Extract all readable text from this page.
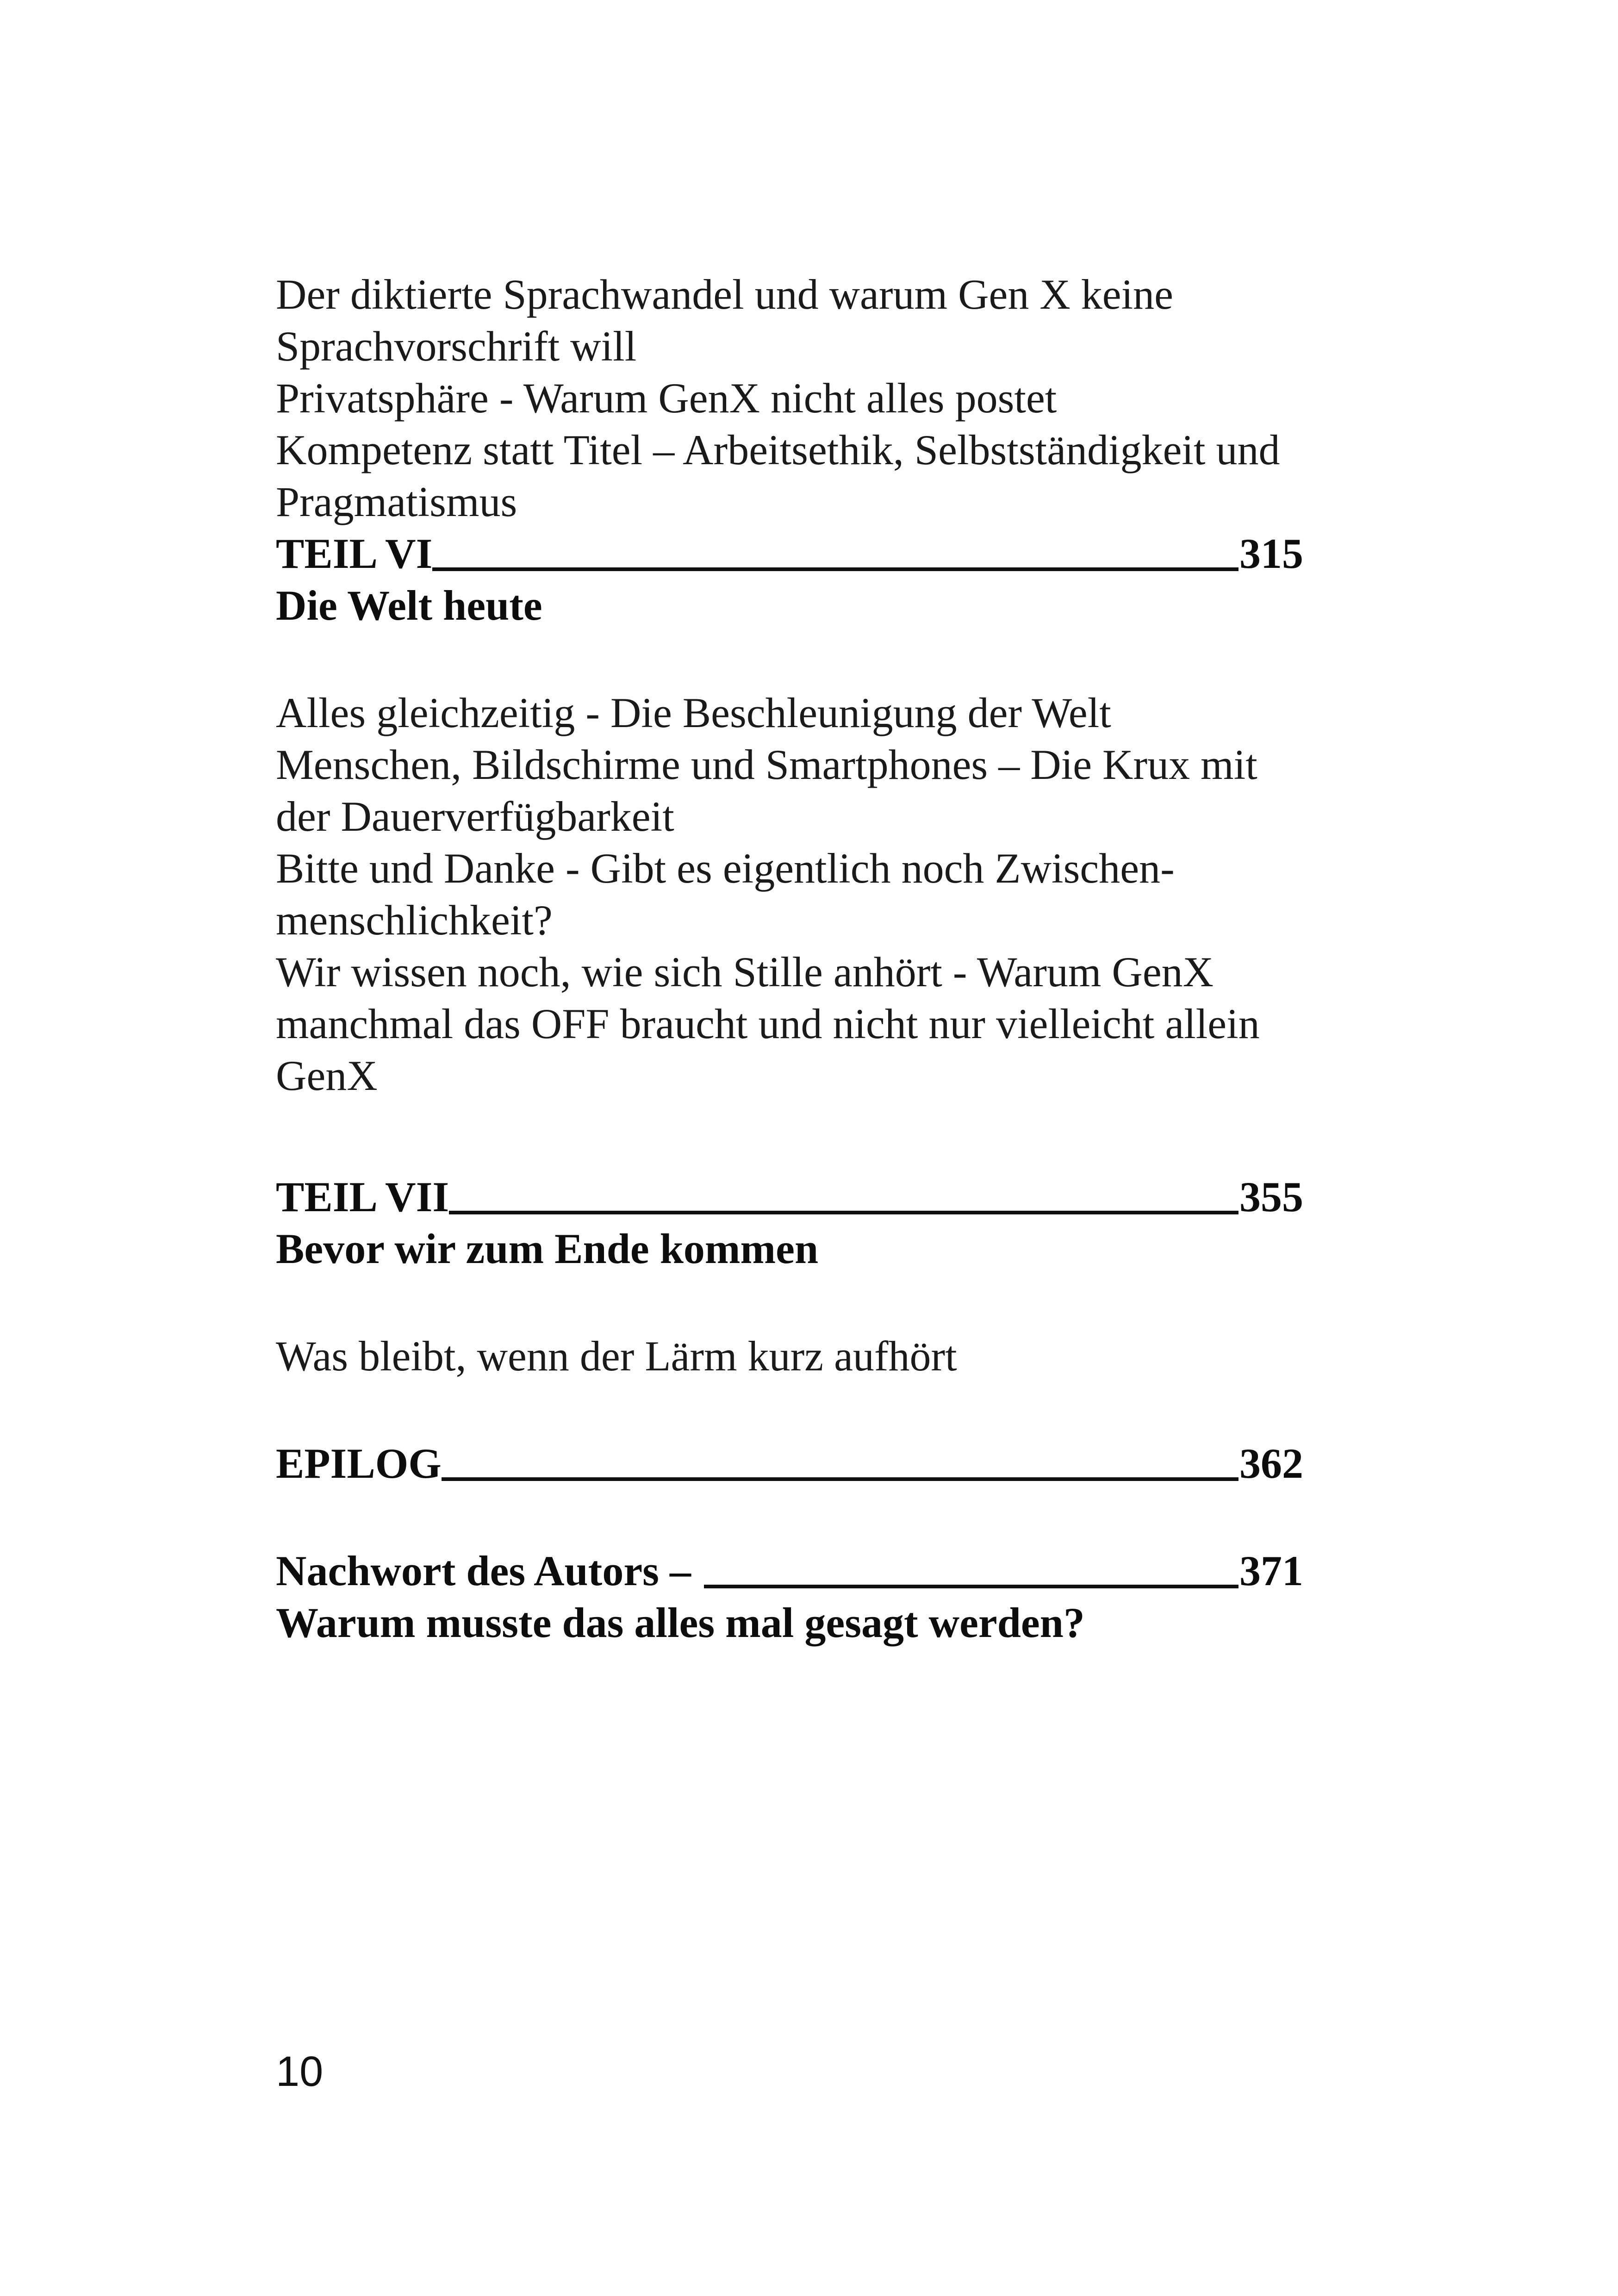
Der diktierte Sprachwandel und warum Gen X keine
Sprachvorschrift will
Privatsphäre - Warum GenX nicht alles postet
Kompetenz statt Titel – Arbeitsethik, Selbstständigkeit und
Pragmatismus
TEIL VI	315
Die Welt heute
Alles gleichzeitig - Die Beschleunigung der Welt
Menschen, Bildschirme und Smartphones – Die Krux mit
der Dauerverfügbarkeit
Bitte und Danke - Gibt es eigentlich noch Zwischen-
menschlichkeit?
Wir wissen noch, wie sich Stille anhört - Warum GenX
manchmal das OFF braucht und nicht nur vielleicht allein
GenX
TEIL VII	355
Bevor wir zum Ende kommen
Was bleibt, wenn der Lärm kurz aufhört
EPILOG	362
Nachwort des Autors –	371
Warum musste das alles mal gesagt werden?
10
